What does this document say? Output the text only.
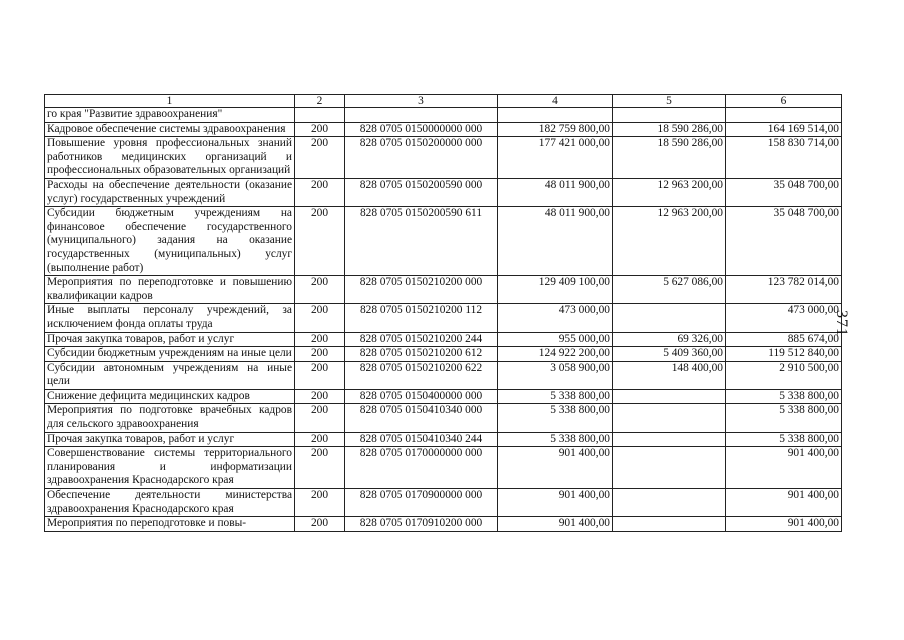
1	2	3	4	5	6
го края "Развитие здравоохранения"					
Кадровое обеспечение системы здравоохранения	200	828 0705 0150000000 000	182 759 800,00	18 590 286,00	164 169 514,00
Повышение уровня профессиональных знаний работников медицинских организаций и профессиональных образовательных организаций	200	828 0705 0150200000 000	177 421 000,00	18 590 286,00	158 830 714,00
Расходы на обеспечение деятельности (оказание услуг) государственных учреждений	200	828 0705 0150200590 000	48 011 900,00	12 963 200,00	35 048 700,00
Субсидии бюджетным учреждениям на финансовое обеспечение государственного (муниципального) задания на оказание государственных (муниципальных) услуг (выполнение работ)	200	828 0705 0150200590 611	48 011 900,00	12 963 200,00	35 048 700,00
Мероприятия по переподготовке и повышению квалификации кадров	200	828 0705 0150210200 000	129 409 100,00	5 627 086,00	123 782 014,00
Иные выплаты персоналу учреждений, за исключением фонда оплаты труда	200	828 0705 0150210200 112	473 000,00		473 000,00
Прочая закупка товаров, работ и услуг	200	828 0705 0150210200 244	955 000,00	69 326,00	885 674,00
Субсидии бюджетным учреждениям на иные цели	200	828 0705 0150210200 612	124 922 200,00	5 409 360,00	119 512 840,00
Субсидии автономным учреждениям на иные цели	200	828 0705 0150210200 622	3 058 900,00	148 400,00	2 910 500,00
Снижение дефицита медицинских кадров	200	828 0705 0150400000 000	5 338 800,00		5 338 800,00
Мероприятия по подготовке врачебных кадров для сельского здравоохранения	200	828 0705 0150410340 000	5 338 800,00		5 338 800,00
Прочая закупка товаров, работ и услуг	200	828 0705 0150410340 244	5 338 800,00		5 338 800,00
Совершенствование системы территориального планирования и информатизации здравоохранения Краснодарского края	200	828 0705 0170000000 000	901 400,00		901 400,00
Обеспечение деятельности министерства здравоохранения Краснодарского края	200	828 0705 0170900000 000	901 400,00		901 400,00
Мероприятия по переподготовке и повы-	200	828 0705 0170910200 000	901 400,00		901 400,00
371
